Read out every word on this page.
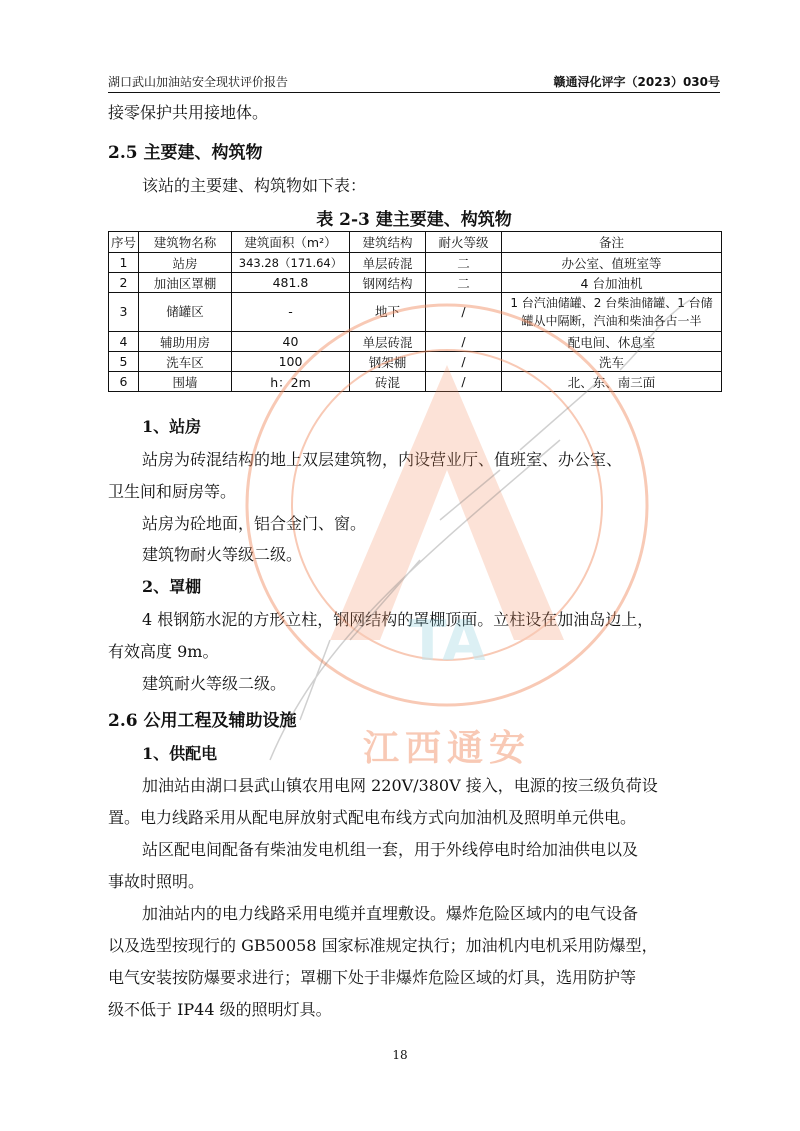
湖口武山加油站安全现状评价报告	赣通浔化评字（2023）030号
接零保护共用接地体。
2.5 主要建、构筑物
该站的主要建、构筑物如下表：
表 2-3 建主要建、构筑物
序号	建筑物名称	建筑面积（m²）	建筑结构	耐火等级	备注
1	站房	343.28（171.64）	单层砖混	二	办公室、值班室等
2	加油区罩棚	481.8	钢网结构	二	4 台加油机
3	储罐区	-	地下	/	1 台汽油储罐、2 台柴油储罐、1 台储
罐从中隔断，汽油和柴油各占一半

4	辅助用房	40	单层砖混	/	配电间、休息室
5	洗车区	100	钢架棚	/	洗车
6	围墙	h：2m	砖混	/	北、东、南三面
1、站房
站房为砖混结构的地上双层建筑物，内设营业厅、值班室、办公室、
卫生间和厨房等。
站房为砼地面，铝合金门、窗。
建筑物耐火等级二级。
2、罩棚
4 根钢筋水泥的方形立柱，钢网结构的罩棚顶面。立柱设在加油岛边上，
有效高度 9m。
建筑耐火等级二级。
2.6 公用工程及辅助设施
1、供配电
加油站由湖口县武山镇农用电网 220V/380V 接入，电源的按三级负荷设
置。电力线路采用从配电屏放射式配电布线方式向加油机及照明单元供电。
站区配电间配备有柴油发电机组一套，用于外线停电时给加油供电以及
事故时照明。
加油站内的电力线路采用电缆并直埋敷设。爆炸危险区域内的电气设备
以及选型按现行的 GB50058 国家标准规定执行；加油机内电机采用防爆型，
电气安装按防爆要求进行；罩棚下处于非爆炸危险区域的灯具，选用防护等
级不低于 IP44 级的照明灯具。
18
TA
江西通安
